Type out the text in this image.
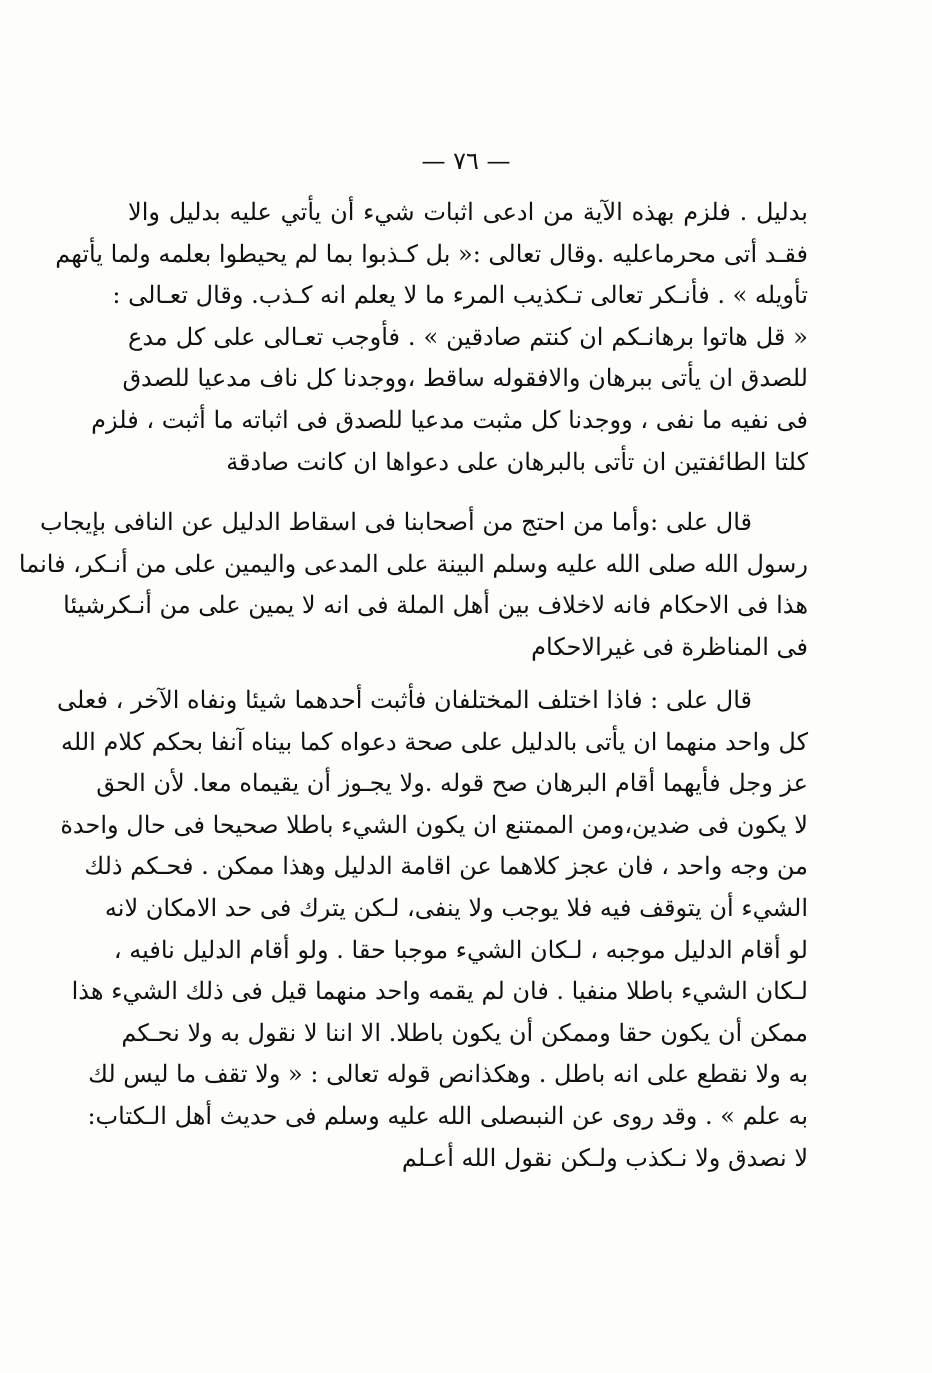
— ٧٦ —
بدليل . فلزم بهذه الآية من ادعى اثبات شيء أن يأتي عليه بدليل والا
فقـد أتى محرماعليه .وقال تعالى :« بل كـذبوا بما لم يحيطوا بعلمه ولما يأتهم
تأويله » . فأنـكر تعالى تـكذيب المرء ما لا يعلم انه كـذب. وقال تعـالى :
« قل هاتوا برهانـكم ان كنتم صادقين » . فأوجب تعـالى على كل مدع
للصدق ان يأتى ببرهان والافقوله ساقط ،ووجدنا كل ناف مدعيا للصدق
فى نفيه ما نفى ، ووجدنا كل مثبت مدعيا للصدق فى اثباته ما أثبت ، فلزم
كلتا الطائفتين ان تأتى بالبرهان على دعواها ان كانت صادقة
قال على :وأما من احتج من أصحابنا فى اسقاط الدليل عن النافى بإيجاب
رسول الله صلى الله عليه وسلم البينة على المدعى واليمين على من أنـكر، فانما
هذا فى الاحكام فانه لاخلاف بين أهل الملة فى انه لا يمين على من أنـكرشيئا
فى المناظرة فى غيرالاحكام
قال على : فاذا اختلف المختلفان فأثبت أحدهما شيئا ونفاه الآخر ، فعلى
كل واحد منهما ان يأتى بالدليل على صحة دعواه كما بيناه آنفا بحكم كلام الله
عز وجل فأيهما أقام البرهان صح قوله .ولا يجـوز أن يقيماه معا. لأن الحق
لا يكون فى ضدين،ومن الممتنع ان يكون الشيء باطلا صحيحا فى حال واحدة
من وجه واحد ، فان عجز كلاهما عن اقامة الدليل وهذا ممكن . فحـكم ذلك
الشيء أن يتوقف فيه فلا يوجب ولا ينفى، لـكن يترك فى حد الامكان لانه
لو أقام الدليل موجبه ، لـكان الشيء موجبا حقا . ولو أقام الدليل نافيه ،
لـكان الشيء باطلا منفيا . فان لم يقمه واحد منهما قيل فى ذلك الشيء هذا
ممكن أن يكون حقا وممكن أن يكون باطلا. الا اننا لا نقول به ولا نحـكم
به ولا نقطع على انه باطل . وهكذانص قوله تعالى : « ولا تقف ما ليس لك
به علم » . وقد روى عن النبىصلى الله عليه وسلم فى حديث أهل الـكتاب:
لا نصدق ولا نـكذب ولـكن نقول الله أعـلم
